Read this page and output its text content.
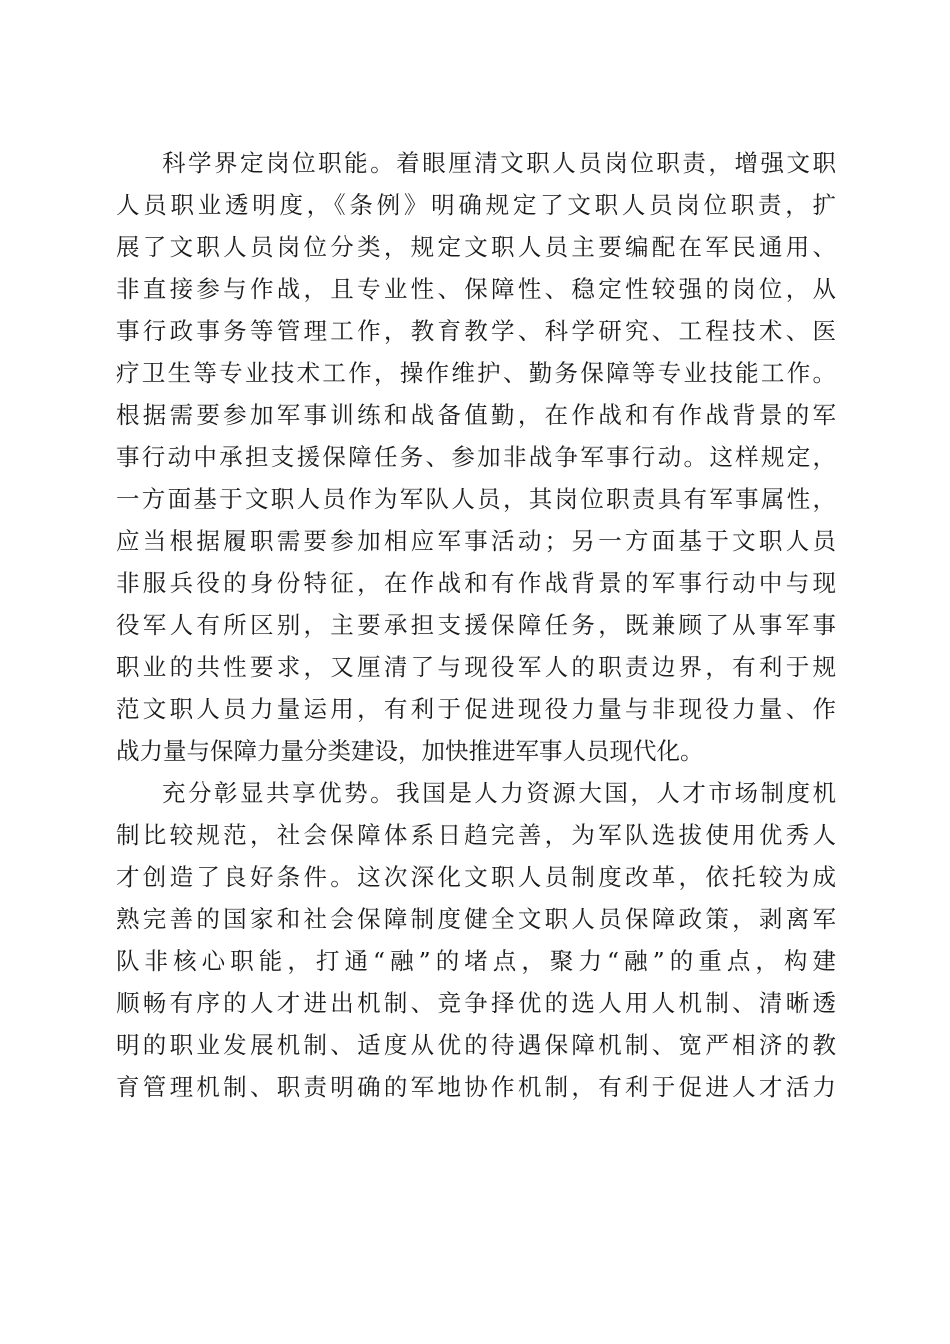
科学界定岗位职能。着眼厘清文职人员岗位职责，增强文职
人员职业透明度，《条例》明确规定了文职人员岗位职责，扩
展了文职人员岗位分类，规定文职人员主要编配在军民通用、
非直接参与作战，且专业性、保障性、稳定性较强的岗位，从
事行政事务等管理工作，教育教学、科学研究、工程技术、医
疗卫生等专业技术工作，操作维护、勤务保障等专业技能工作。
根据需要参加军事训练和战备值勤，在作战和有作战背景的军
事行动中承担支援保障任务、参加非战争军事行动。这样规定，
一方面基于文职人员作为军队人员，其岗位职责具有军事属性，
应当根据履职需要参加相应军事活动；另一方面基于文职人员
非服兵役的身份特征，在作战和有作战背景的军事行动中与现
役军人有所区别，主要承担支援保障任务，既兼顾了从事军事
职业的共性要求，又厘清了与现役军人的职责边界，有利于规
范文职人员力量运用，有利于促进现役力量与非现役力量、作
战力量与保障力量分类建设，加快推进军事人员现代化。
充分彰显共享优势。我国是人力资源大国，人才市场制度机
制比较规范，社会保障体系日趋完善，为军队选拔使用优秀人
才创造了良好条件。这次深化文职人员制度改革，依托较为成
熟完善的国家和社会保障制度健全文职人员保障政策，剥离军
队非核心职能，打通“融”的堵点，聚力“融”的重点，构建
顺畅有序的人才进出机制、竞争择优的选人用人机制、清晰透
明的职业发展机制、适度从优的待遇保障机制、宽严相济的教
育管理机制、职责明确的军地协作机制，有利于促进人才活力
